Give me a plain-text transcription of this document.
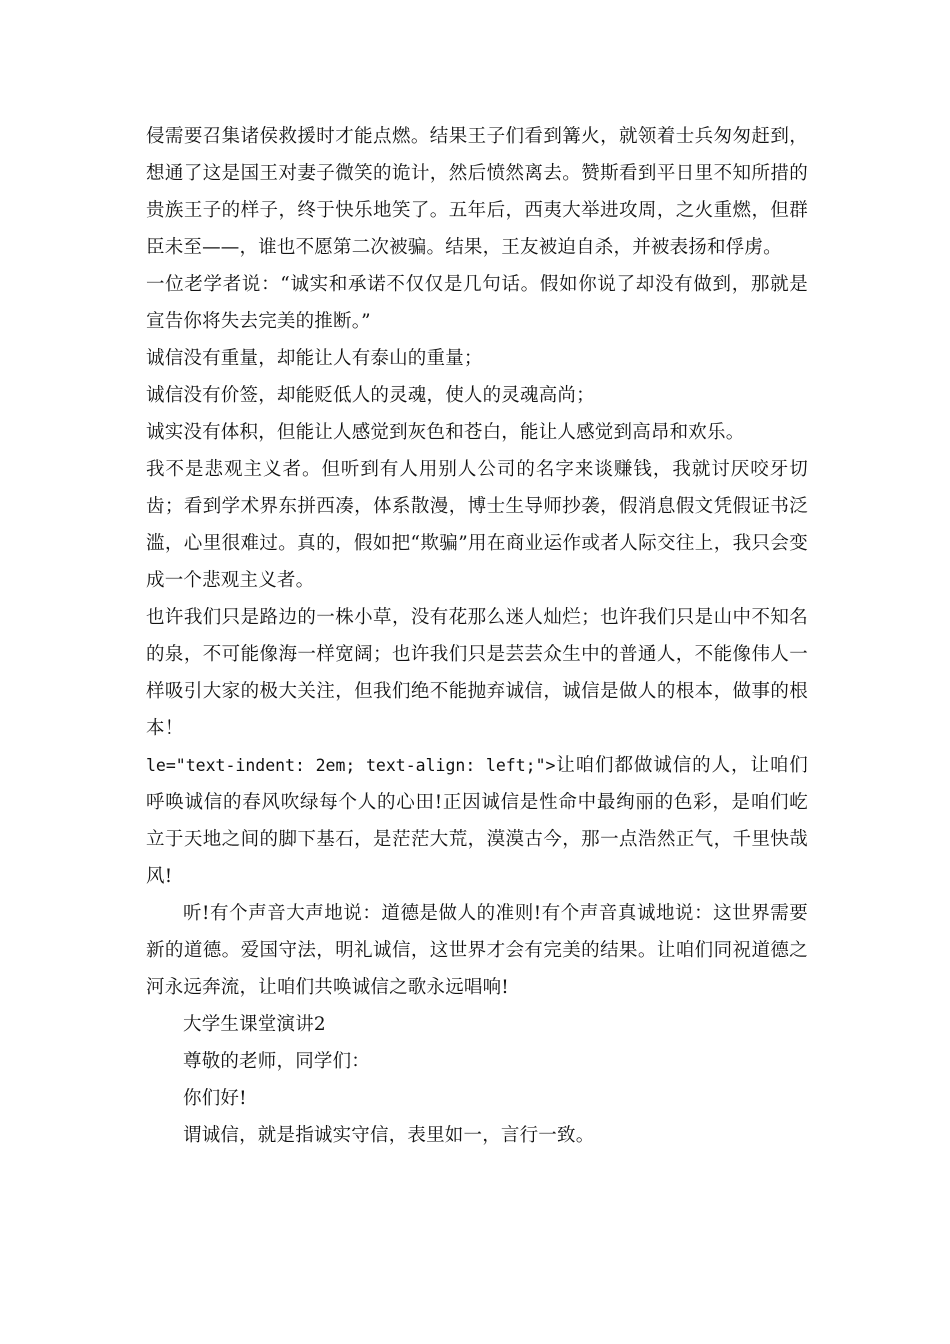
侵需要召集诸侯救援时才能点燃。结果王子们看到篝火，就领着士兵匆匆赶到，想通了这是国王对妻子微笑的诡计，然后愤然离去。赞斯看到平日里不知所措的贵族王子的样子，终于快乐地笑了。五年后，西夷大举进攻周，之火重燃，但群臣未至——，谁也不愿第二次被骗。结果，王友被迫自杀，并被表扬和俘虏。

一位老学者说：“诚实和承诺不仅仅是几句话。假如你说了却没有做到，那就是宣告你将失去完美的推断。”

诚信没有重量，却能让人有泰山的重量；

诚信没有价签，却能贬低人的灵魂，使人的灵魂高尚；

诚实没有体积，但能让人感觉到灰色和苍白，能让人感觉到高昂和欢乐。

我不是悲观主义者。但听到有人用别人公司的名字来谈赚钱，我就讨厌咬牙切齿；看到学术界东拼西凑，体系散漫，博士生导师抄袭，假消息假文凭假证书泛滥，心里很难过。真的，假如把“欺骗”用在商业运作或者人际交往上，我只会变成一个悲观主义者。

也许我们只是路边的一株小草，没有花那么迷人灿烂；也许我们只是山中不知名的泉，不可能像海一样宽阔；也许我们只是芸芸众生中的普通人，不能像伟人一样吸引大家的极大关注，但我们绝不能抛弃诚信，诚信是做人的根本，做事的根本！

le="text-indent: 2em; text-align: left;">让咱们都做诚信的人，让咱们呼唤诚信的春风吹绿每个人的心田!正因诚信是性命中最绚丽的色彩，是咱们屹立于天地之间的脚下基石，是茫茫大荒，漠漠古今，那一点浩然正气，千里快哉风!

听!有个声音大声地说：道德是做人的准则!有个声音真诚地说：这世界需要新的道德。爱国守法，明礼诚信，这世界才会有完美的结果。让咱们同祝道德之河永远奔流，让咱们共唤诚信之歌永远唱响!

大学生课堂演讲2

尊敬的老师，同学们：

你们好!

谓诚信，就是指诚实守信，表里如一，言行一致。
